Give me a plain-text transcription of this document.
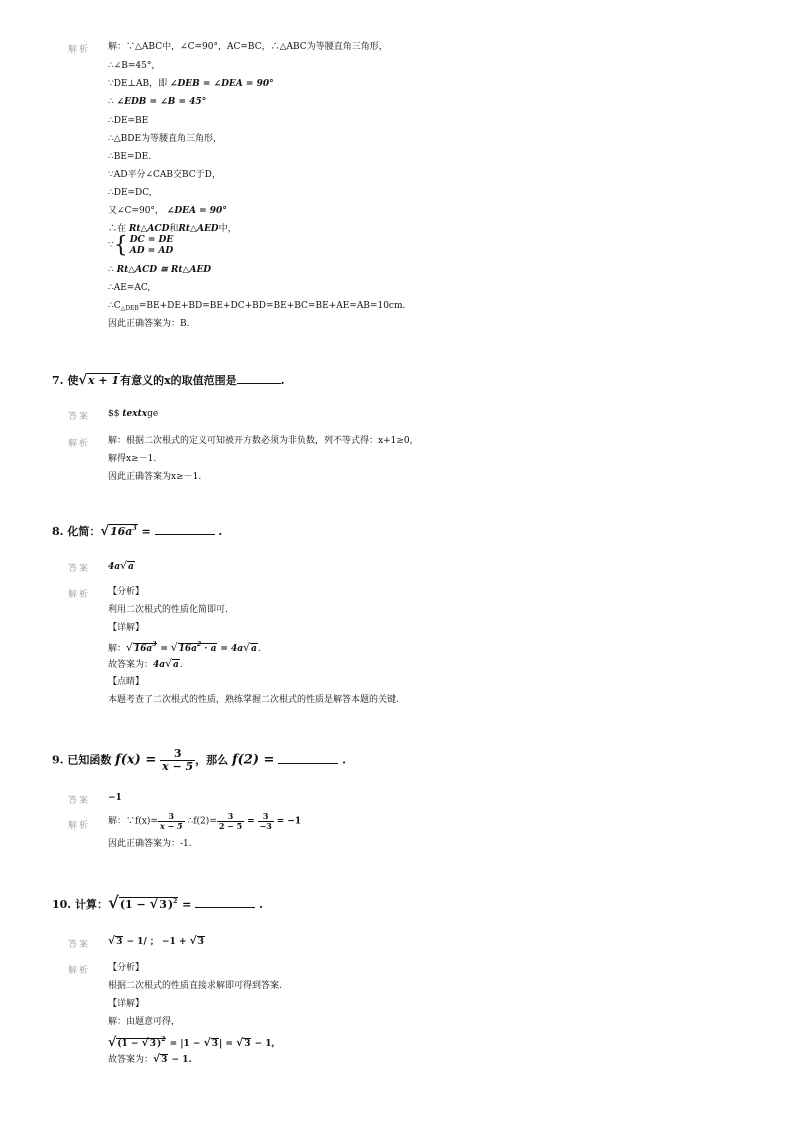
解析 解：∵△ABC中，∠C=90°，AC=BC，∴△ABC为等腰直角三角形，
∴∠B=45°，
∵DE⊥AB，即 ∠DEB = ∠DEA = 90°
∴ ∠EDB = ∠B = 45°
∴DE=BE
∴△BDE为等腰直角三角形，
∴BE=DE.
∵AD平分∠CAB交BC于D，
∴DE=DC,
又∠C=90°， ∠DEA = 90°
∴在 Rt△ACD和Rt△AED中，
∵{ DC = DE
AD = AD
∴ Rt△ACD ≅ Rt△AED
∴AE=AC,
$\therefore C_{\triangle DEB}=BE+DE+BD=BE+DC+BD=BE+BC=BE+AE=AB=10cm$.
因此正确答案为：B.
7. 使√x + 1有意义的x的取值范围是	.
答案 $$ textxge
解析 解：根据二次根式的定义可知被开方数必须为非负数，列不等式得：x+1≥0，
解得x≥－1.
因此正确答案为x≥－1.
8. 化简：$√16a^3$ =	.
答案 4a√a
解析 【分析】
利用二次根式的性质化简即可.
【详解】
解：$√16a^3 = √16a^2 \cdot a = 4a√a$.
故答案为：4a√a.
【点睛】
本题考查了二次根式的性质，熟练掌握二次根式的性质是解答本题的关键.
9. 已知函数 $f(x) = \frac{3}{x - 5}$ ，那么 f(2) =	.
答案 −1
解析 解：∵f(x)= $\frac{3}{x - 5}$ ∴f(2)= $\frac{3}{2 - 5} = \frac{3}{-3} = -1$
因此正确答案为：-1.
10. 计算：$√(1 - √3)^2$ =	.
答案 √3 − 1/ ； −1 + √3
解析 【分析】
根据二次根式的性质直接求解即可得到答案.
【详解】
解：由题意可得，
$√(1 - √3)^2 = |1 - √3| = √3 - 1$,
故答案为：√3 − 1.
